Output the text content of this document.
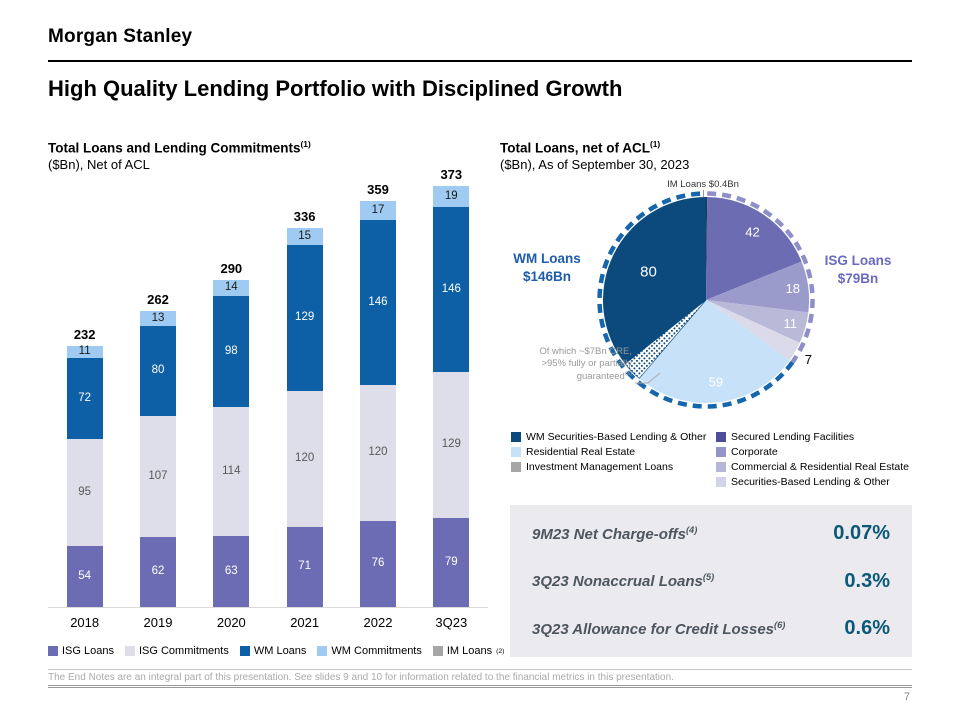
Morgan Stanley
High Quality Lending Portfolio with Disciplined Growth
Total Loans and Lending Commitments$^{(1)}$
($Bn), Net of ACL
232
11
72
95
54
262
13
80
107
62
290
14
98
114
63
336
15
129
120
71
359
17
146
120
76
373
19
146
129
79
2018	2019	2020	2021	2022	3Q23
ISG Loans ISG Commitments WM Loans WM Commitments IM Loans (2)
Total Loans, net of ACL$^{(1)}$
($Bn), As of September 30, 2023
IM Loans $0.4Bn
42
18
11
7
59
80
WM Loans
$146Bn
ISG Loans
$79Bn
Of which ~$7Bn CRE,
>95% fully or partially
guaranteed$^{(3)}$
WM Securities-Based Lending & Other
Residential Real Estate
Investment Management Loans
Secured Lending Facilities
Corporate
Commercial & Residential Real Estate
Securities-Based Lending & Other
9M23 Net Charge-offs$^{(4)}$	0.07%
3Q23 Nonaccrual Loans$^{(5)}$	0.3%
3Q23 Allowance for Credit Losses$^{(6)}$	0.6%
The End Notes are an integral part of this presentation. See slides 9 and 10 for information related to the financial metrics in this presentation.
7
